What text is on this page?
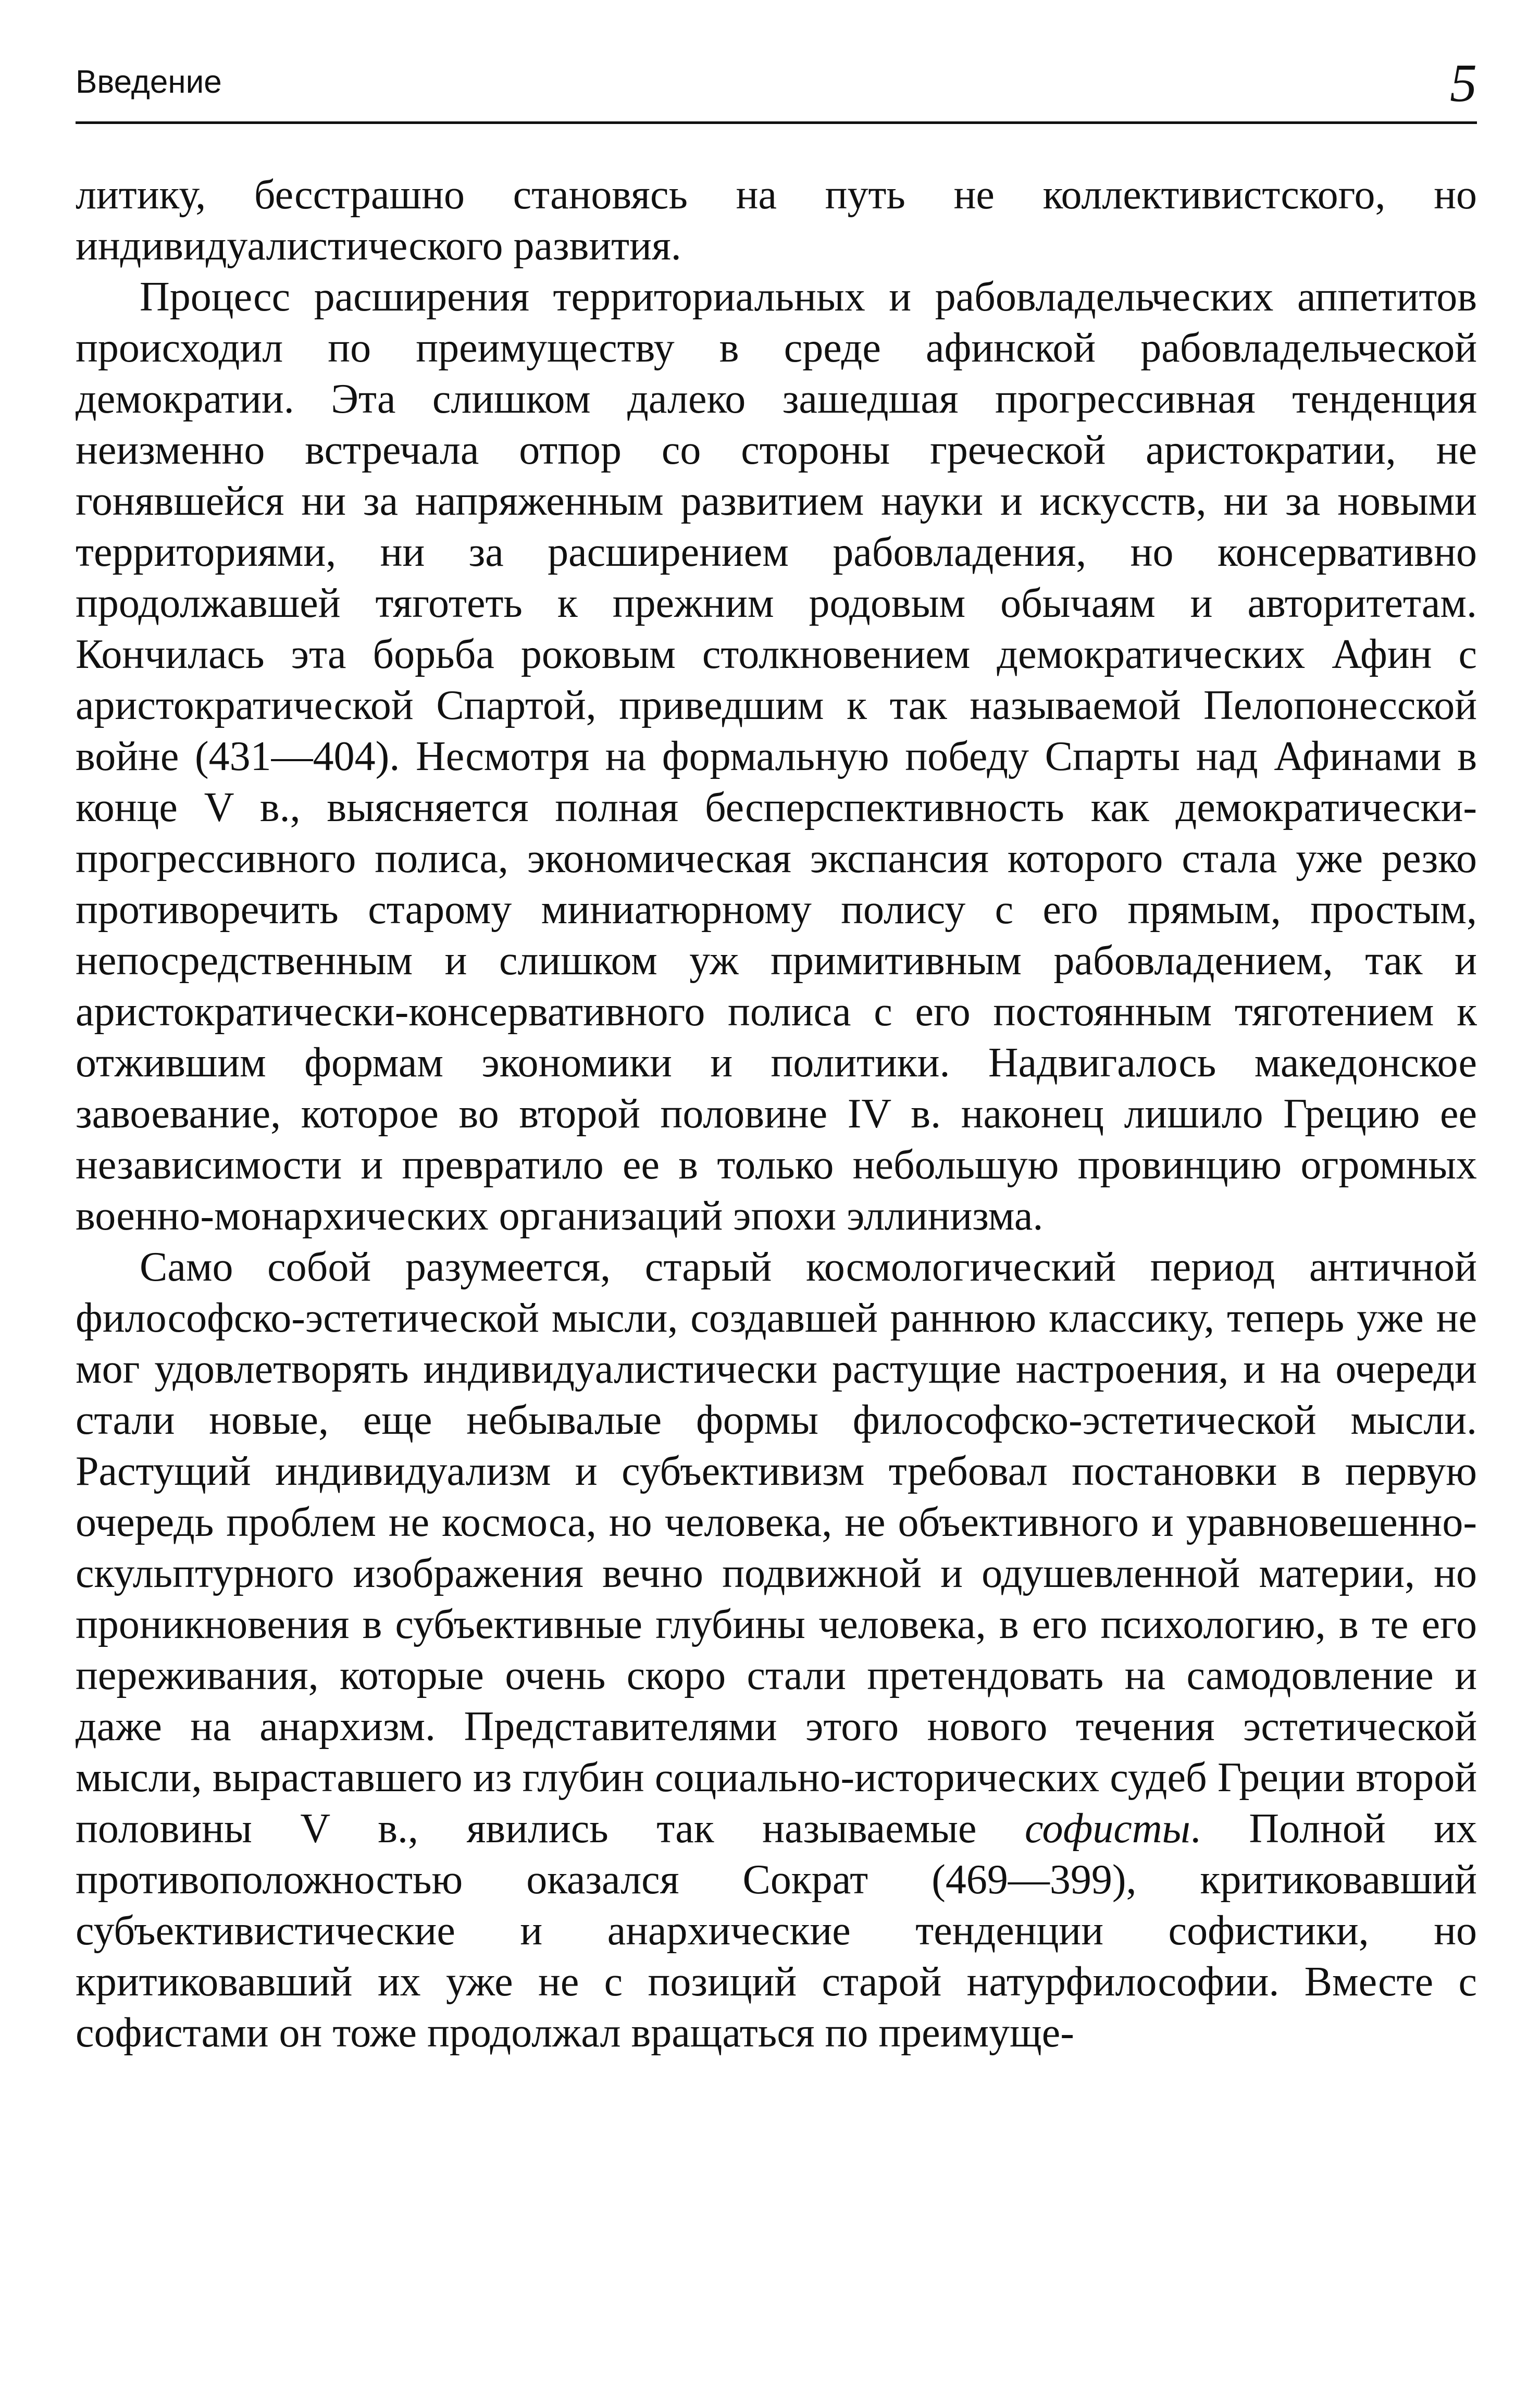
Введение	5

литику, бесстрашно становясь на путь не коллективистского, но индивидуалистического развития.

Процесс расширения территориальных и рабовладельческих аппетитов происходил по преимуществу в среде афинской рабовладельческой демократии. Эта слишком далеко зашедшая прогрессивная тенденция неизменно встречала отпор со стороны греческой аристократии, не гонявшейся ни за напряженным развитием науки и искусств, ни за новыми территориями, ни за расширением рабовладения, но консервативно продолжавшей тяготеть к прежним родовым обычаям и авторитетам. Кончилась эта борьба роковым столкновением демократических Афин с аристократической Спартой, приведшим к так называемой Пелопонесской войне (431—404). Несмотря на формальную победу Спарты над Афинами в конце V в., выясняется полная бесперспективность как демократически-прогрессивного полиса, экономическая экспансия которого стала уже резко противоречить старому миниатюрному полису с его прямым, простым, непосредственным и слишком уж примитивным рабовладением, так и аристократически-консервативного полиса с его постоянным тяготением к отжившим формам экономики и политики. Надвигалось македонское завоевание, которое во второй половине IV в. наконец лишило Грецию ее независимости и превратило ее в только небольшую провинцию огромных военно-монархических организаций эпохи эллинизма.

Само собой разумеется, старый космологический период античной философско-эстетической мысли, создавшей раннюю классику, теперь уже не мог удовлетворять индивидуалистически растущие настроения, и на очереди стали новые, еще небывалые формы философско-эстетической мысли. Растущий индивидуализм и субъективизм требовал постановки в первую очередь проблем не космоса, но человека, не объективного и уравновешенно-скульптурного изображения вечно подвижной и одушевленной материи, но проникновения в субъективные глубины человека, в его психологию, в те его переживания, которые очень скоро стали претендовать на самодовление и даже на анархизм. Представителями этого нового течения эстетической мысли, выраставшего из глубин социально-исторических судеб Греции второй половины V в., явились так называемые софисты. Полной их противоположностью оказался Сократ (469—399), критиковавший субъективистические и анархические тенденции софистики, но критиковавший их уже не с позиций старой натурфилософии. Вместе с софистами он тоже продолжал вращаться по преимуще-
